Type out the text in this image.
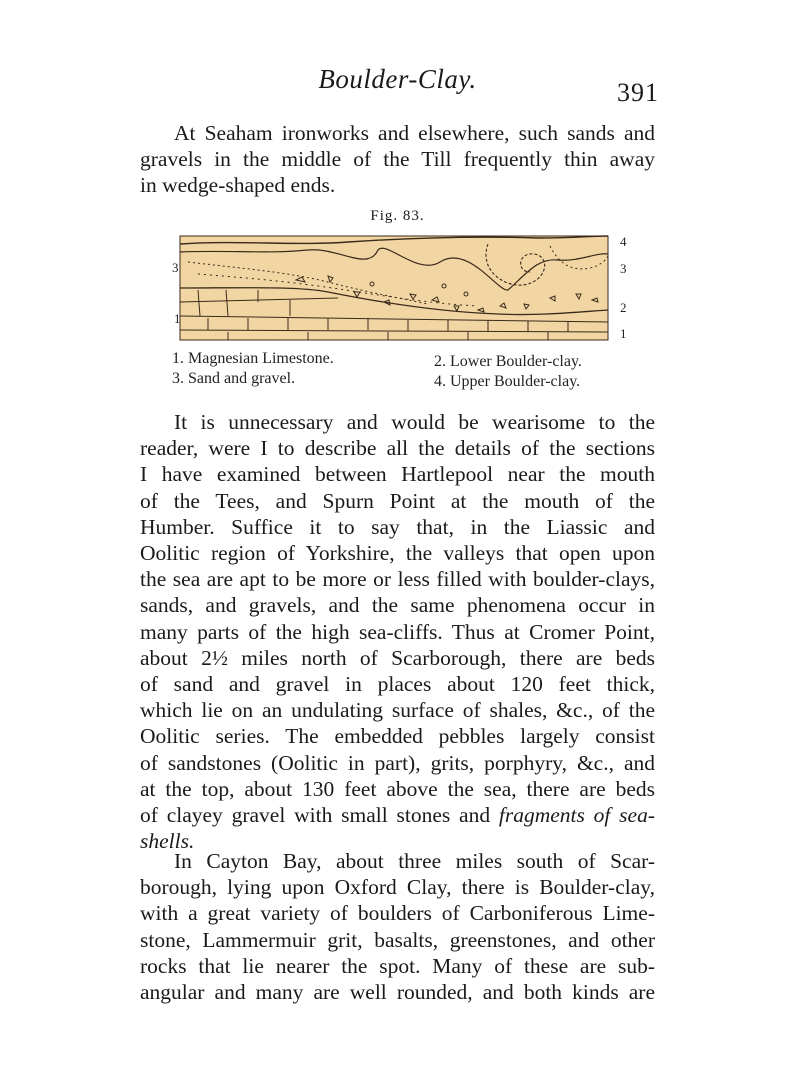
Boulder-Clay.	391

At Seaham ironworks and elsewhere, such sands and
gravels in the middle of the Till frequently thin away
in wedge-shaped ends.

Fig. 83.
3
1
4
3
2
1
1. Magnesian Limestone.
3. Sand and gravel.
2. Lower Boulder-clay.
4. Upper Boulder-clay.

It is unnecessary and would be wearisome to the
reader, were I to describe all the details of the sections
I have examined between Hartlepool near the mouth
of the Tees, and Spurn Point at the mouth of the
Humber. Suffice it to say that, in the Liassic and
Oolitic region of Yorkshire, the valleys that open upon
the sea are apt to be more or less filled with boulder-clays,
sands, and gravels, and the same phenomena occur in
many parts of the high sea-cliffs. Thus at Cromer Point,
about 2½ miles north of Scarborough, there are beds
of sand and gravel in places about 120 feet thick,
which lie on an undulating surface of shales, &c., of the
Oolitic series. The embedded pebbles largely consist
of sandstones (Oolitic in part), grits, porphyry, &c., and
at the top, about 130 feet above the sea, there are beds
of clayey gravel with small stones and fragments of sea-
shells.

In Cayton Bay, about three miles south of Scar-
borough, lying upon Oxford Clay, there is Boulder-clay,
with a great variety of boulders of Carboniferous Lime-
stone, Lammermuir grit, basalts, greenstones, and other
rocks that lie nearer the spot. Many of these are sub-
angular and many are well rounded, and both kinds are
